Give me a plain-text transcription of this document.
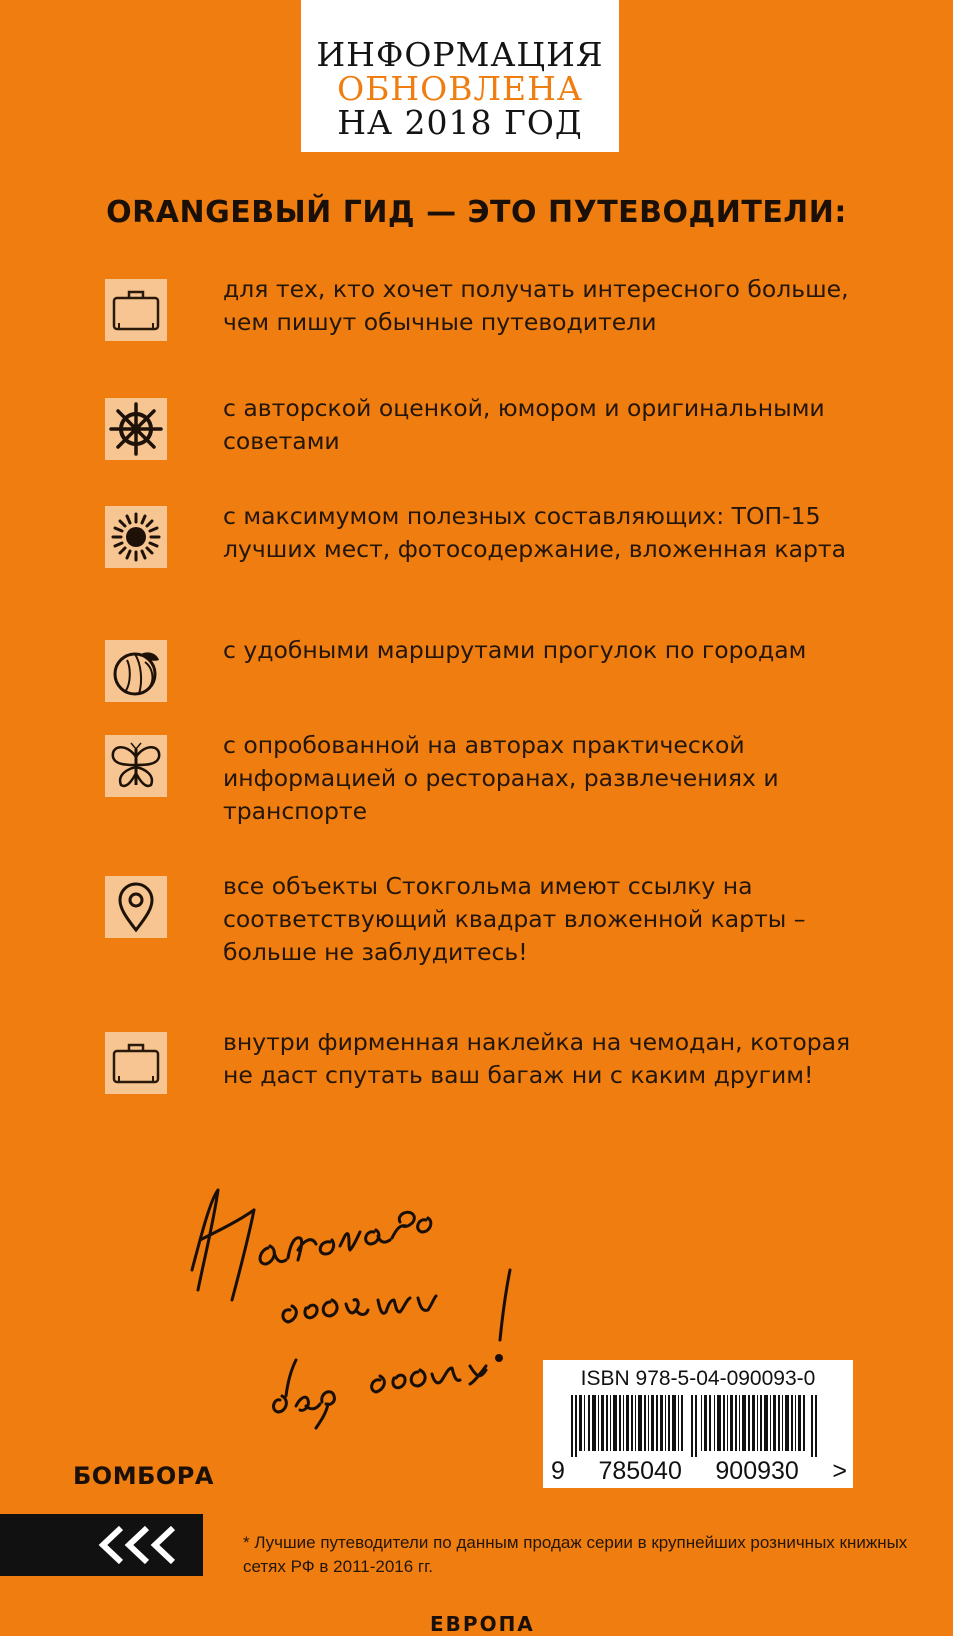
ИНФОРМАЦИЯ
ОБНОВЛЕНА
НА 2018 ГОД
ORANGEВЫЙ ГИД — ЭТО ПУТЕВОДИТЕЛИ:
для тех, кто хочет получать интересного больше, чем пишут обычные путеводители
с авторской оценкой, юмором и оригинальными советами
с максимумом полезных составляющих: ТОП-15 лучших мест, фотосодержание, вложенная карта
с удобными маршрутами прогулок по городам
с опробованной на авторах практической информацией о ресторанах, развлечениях и транспорте
все объекты Стокгольма имеют ссылку на соответствующий квадрат вложенной карты – больше не заблудитесь!
внутри фирменная наклейка на чемодан, которая не даст спутать ваш багаж ни с каким другим!
ISBN 978-5-04-090093-0
9 785040 900930 >
БОМБОРА
* Лучшие путеводители по данным продаж серии в крупнейших розничных книжных сетях РФ в 2011-2016 гг.
ЕВРОПА
